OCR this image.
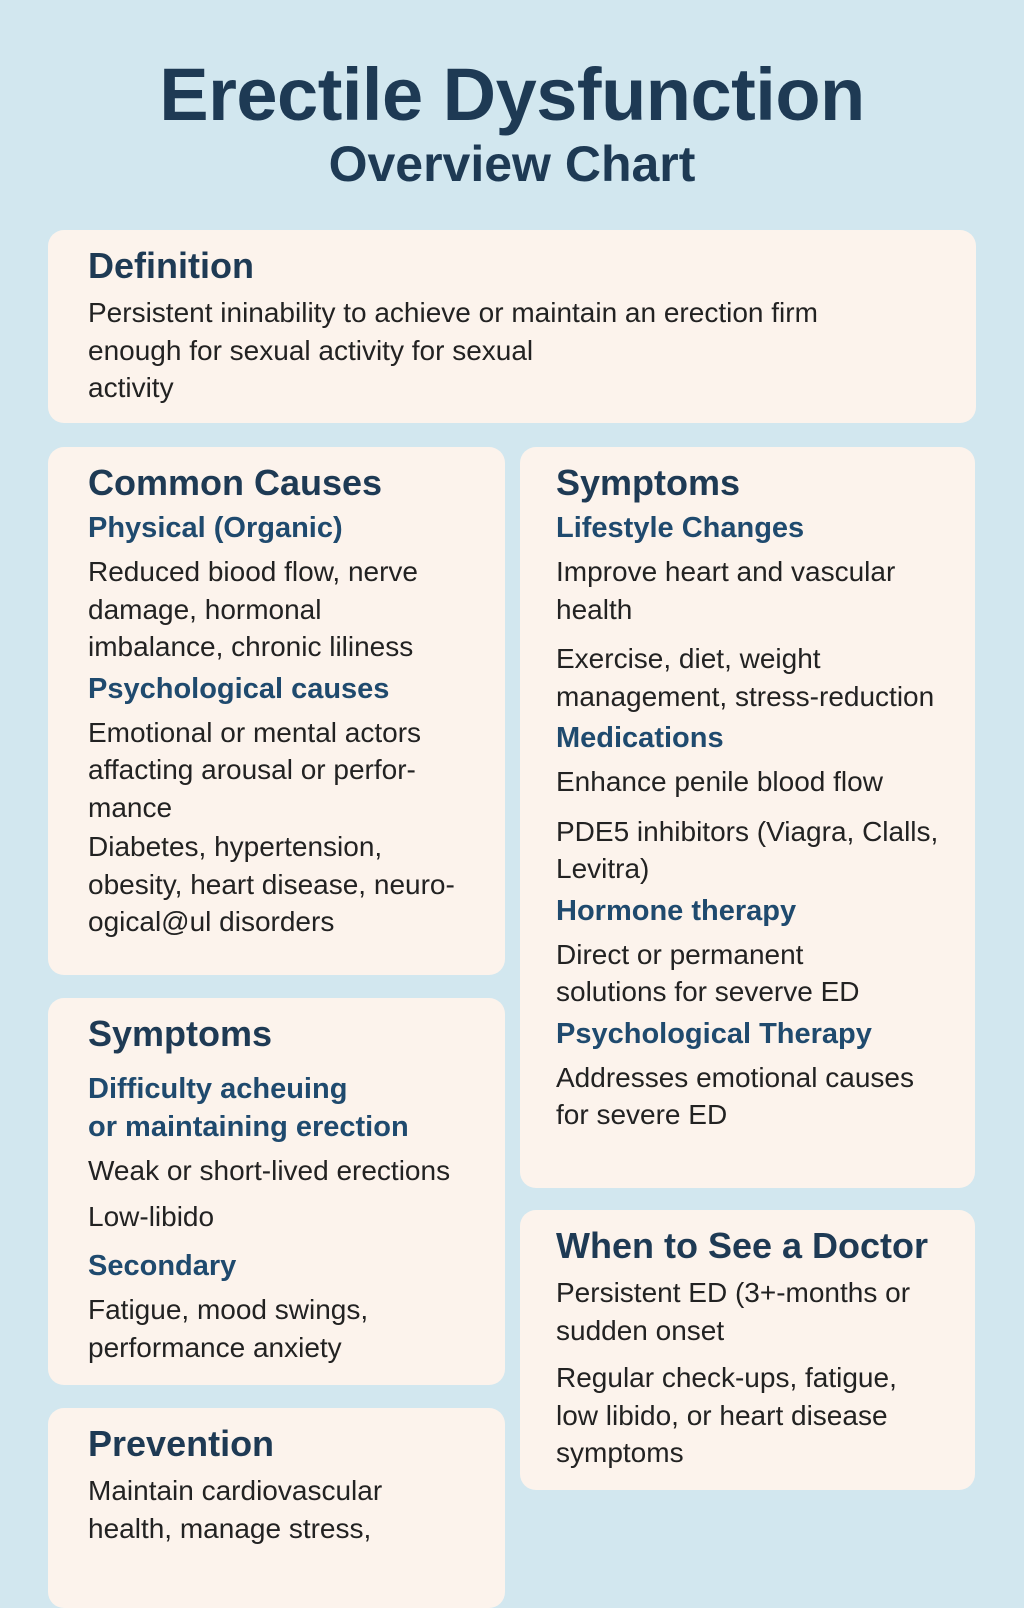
Erectile Dysfunction
Overview Chart
Definition

Persistent ininability to achieve or maintain an erection firm
enough for sexual activity for sexual
activity

Common Causes
Physical (Organic)

Reduced biood flow, nerve
damage, hormonal
imbalance, chronic liliness

Psychological causes

Emotional or mental actors
affacting arousal or perfor-
mance

Diabetes, hypertension,
obesity, heart disease, neuro-
ogical@ul disorders

Symptoms
Lifestyle Changes

Improve heart and vascular
health

Exercise, diet, weight
management, stress-reduction

Medications

Enhance penile blood flow

PDE5 inhibitors (Viagra, Clalls,
Levitra)

Hormone therapy

Direct or permanent
solutions for severve ED

Psychological Therapy

Addresses emotional causes
for severe ED

Symptoms
Difficulty acheuing
or maintaining erection

Weak or short-lived erections

Low-libido

Secondary

Fatigue, mood swings,
performance anxiety

Prevention

Maintain cardiovascular
health, manage stress,

When to See a Doctor

Persistent ED (3+-months or
sudden onset

Regular check-ups, fatigue,
low libido, or heart disease
symptoms
